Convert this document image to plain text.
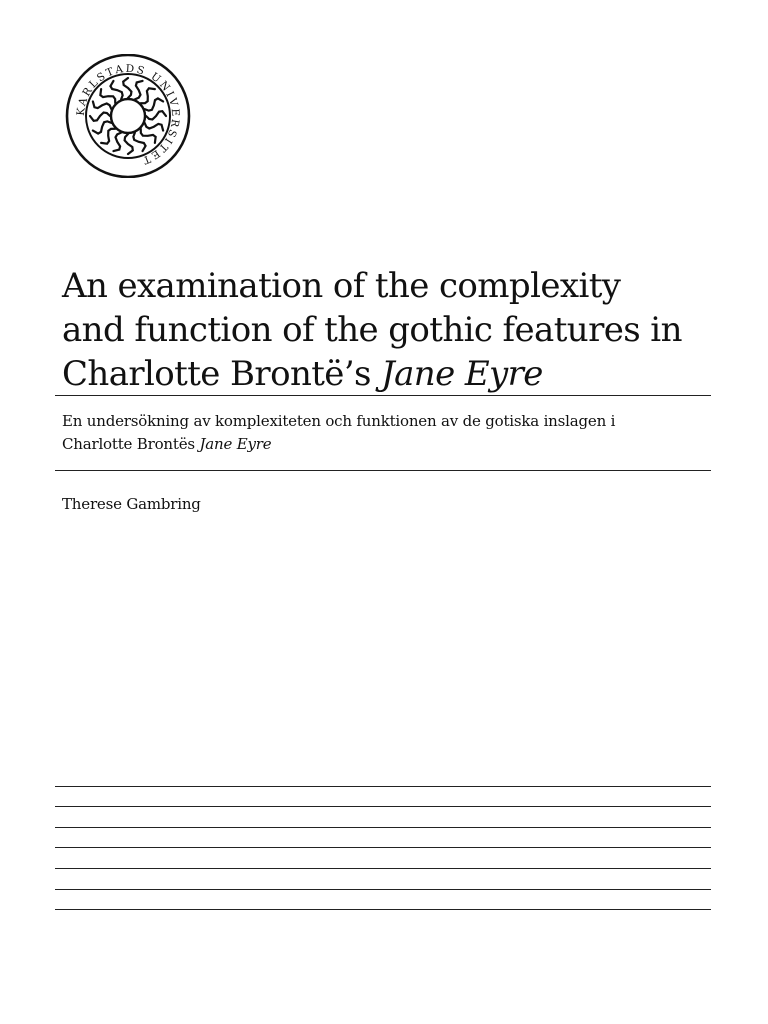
KARLSTADS UNIVERSITET
An examination of the complexity
and function of the gothic features in
Charlotte Brontë’s Jane Eyre

En undersökning av komplexiteten och funktionen av de gotiska inslagen i
Charlotte Brontës Jane Eyre

Therese Gambring
